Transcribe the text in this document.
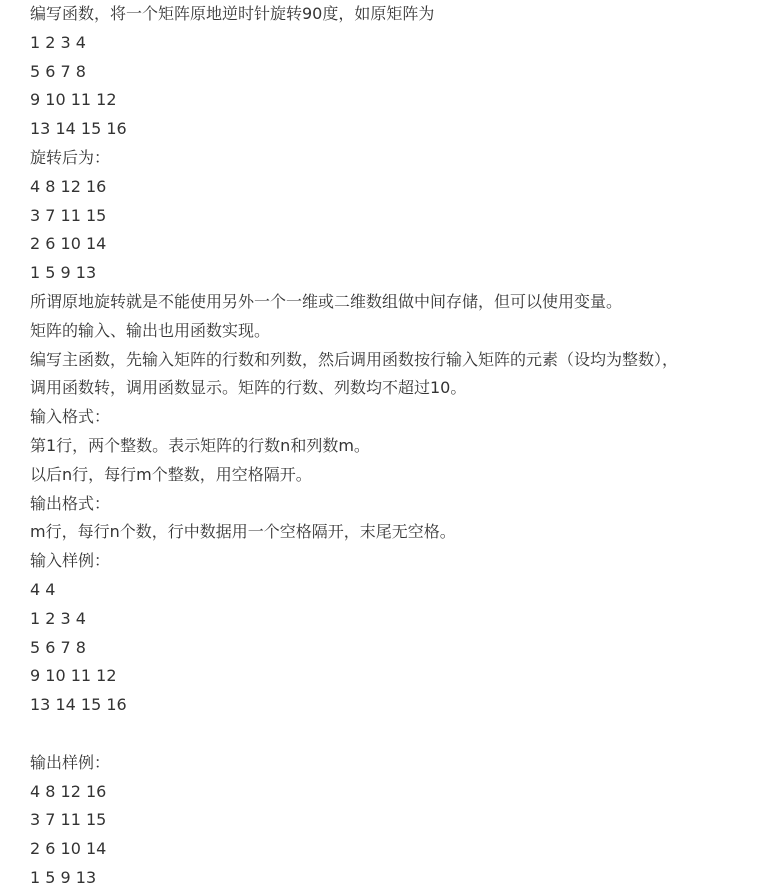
编写函数，将一个矩阵原地逆时针旋转90度，如原矩阵为
1 2 3 4
5 6 7 8
9 10 11 12
13 14 15 16
旋转后为：
4 8 12 16
3 7 11 15
2 6 10 14
1 5 9 13
所谓原地旋转就是不能使用另外一个一维或二维数组做中间存储，但可以使用变量。
矩阵的输入、输出也用函数实现。
编写主函数，先输入矩阵的行数和列数，然后调用函数按行输入矩阵的元素（设均为整数），
调用函数转，调用函数显示。矩阵的行数、列数均不超过10。
输入格式：
第1行，两个整数。表示矩阵的行数n和列数m。
以后n行，每行m个整数，用空格隔开。
输出格式：
m行，每行n个数，行中数据用一个空格隔开，末尾无空格。
输入样例：
4 4
1 2 3 4
5 6 7 8
9 10 11 12
13 14 15 16
输出样例：
4 8 12 16
3 7 11 15
2 6 10 14
1 5 9 13
